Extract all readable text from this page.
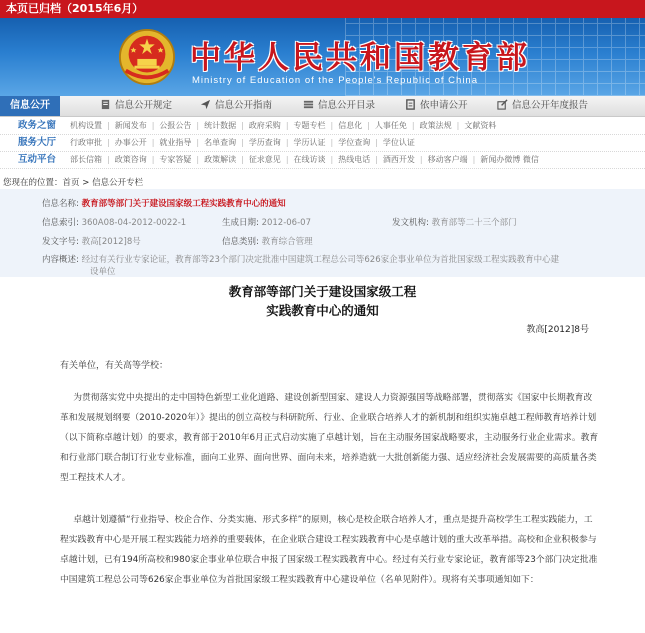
本页已归档（2015年6月）
中华人民共和国教育部
Ministry of Education of the People's Republic of China
信息公开	信息公开规定	信息公开指南	信息公开目录	依申请公开	信息公开年度报告
政务之窗 机构设置 | 新闻发布 | 公报公告 | 统计数据 | 政府采购 | 专题专栏 | 信息化 | 人事任免 | 政策法规 | 文献资料
服务大厅 行政审批 | 办事公开 | 就业指导 | 名单查询 | 学历查询 | 学历认证 | 学位查询 | 学位认证
互动平台 部长信箱 | 政策咨询 | 专家答疑 | 政策解读 | 征求意见 | 在线访谈 | 热线电话 | 酒西开发 | 移动客户端 | 新闻办微博 微信
您现在的位置：首页 > 信息公开专栏
信息名称: 教育部等部门关于建设国家级工程实践教育中心的通知
信息索引: 360A08-04-2012-0022-1	生成日期: 2012-06-07	发文机构: 教育部等二十三个部门
发文字号: 教高[2012]8号	信息类别: 教育综合管理
内容概述: 经过有关行业专家论证，教育部等23个部门决定批准中国建筑工程总公司等626家企事业单位为首批国家级工程实践教育中心建
设单位
教育部等部门关于建设国家级工程
实践教育中心的通知
教高[2012]8号
有关单位，有关高等学校：
为贯彻落实党中央提出的走中国特色新型工业化道路、建设创新型国家、建设人力资源强国等战略部署，贯彻落实《国家中长期教育改革和发展规划纲要（2010-2020年）》提出的创立高校与科研院所、行业、企业联合培养人才的新机制和组织实施卓越工程师教育培养计划（以下简称卓越计划）的要求，教育部于2010年6月正式启动实施了卓越计划，旨在主动服务国家战略要求，主动服务行业企业需求。教育和行业部门联合制订行业专业标准，面向工业界、面向世界、面向未来，培养造就一大批创新能力强、适应经济社会发展需要的高质量各类型工程技术人才。
卓越计划遵循“行业指导、校企合作、分类实施、形式多样”的原则，核心是校企联合培养人才，重点是提升高校学生工程实践能力，工程实践教育中心是开展工程实践能力培养的重要载体，在企业联合建设工程实践教育中心是卓越计划的重大改革举措。高校和企业积极参与卓越计划，已有194所高校和980家企事业单位联合申报了国家级工程实践教育中心。经过有关行业专家论证，教育部等23个部门决定批准中国建筑工程总公司等626家企事业单位为首批国家级工程实践教育中心建设单位（名单见附件）。现将有关事项通知如下：
